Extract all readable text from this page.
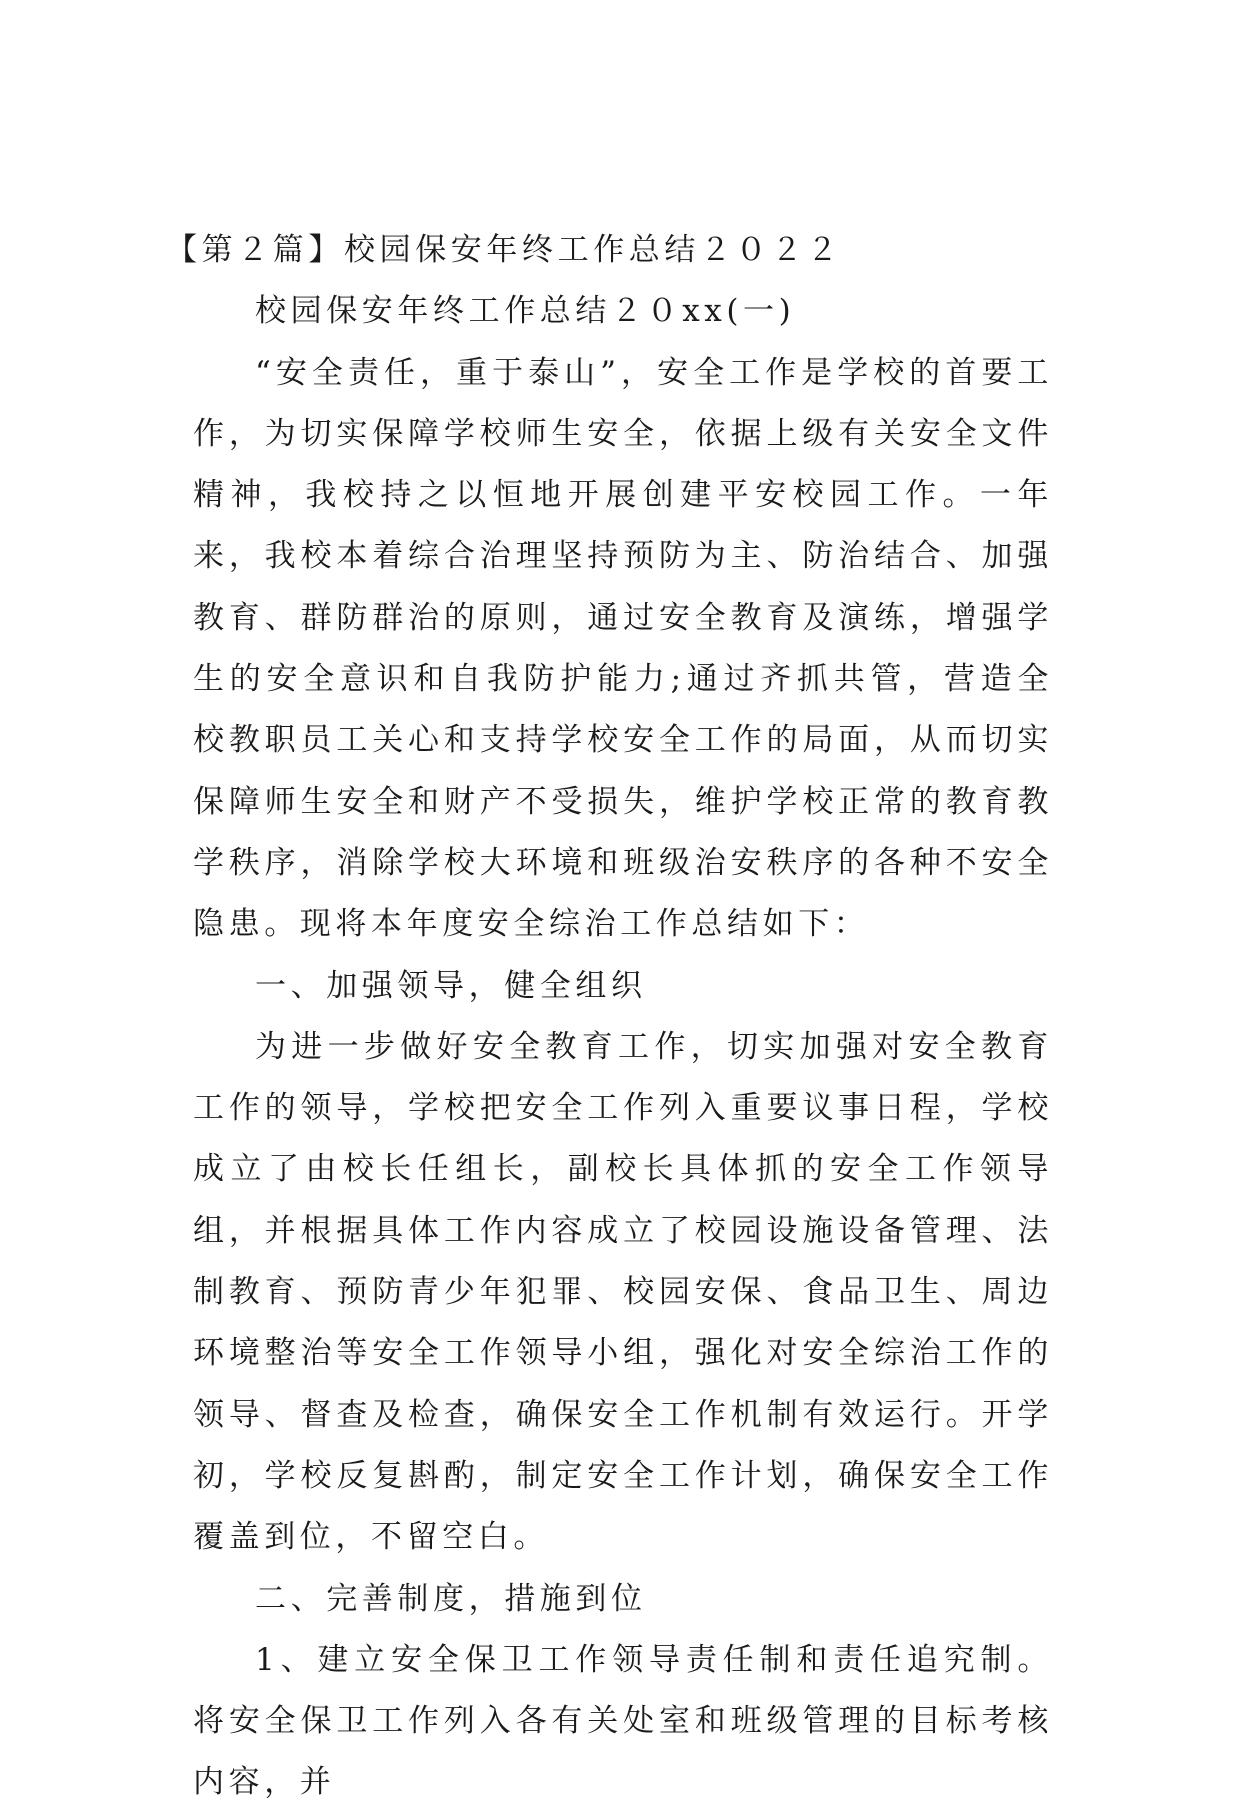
【第２篇】校园保安年终工作总结２０２２

校园保安年终工作总结２０xx(一)

“安全责任，重于泰山”，安全工作是学校的首要工作，为切实保障学校师生安全，依据上级有关安全文件精神，我校持之以恒地开展创建平安校园工作。一年来，我校本着综合治理坚持预防为主、防治结合、加强教育、群防群治的原则，通过安全教育及演练，增强学生的安全意识和自我防护能力;通过齐抓共管，营造全校教职员工关心和支持学校安全工作的局面，从而切实保障师生安全和财产不受损失，维护学校正常的教育教学秩序，消除学校大环境和班级治安秩序的各种不安全隐患。现将本年度安全综治工作总结如下：

一、加强领导，健全组织

为进一步做好安全教育工作，切实加强对安全教育工作的领导，学校把安全工作列入重要议事日程，学校成立了由校长任组长，副校长具体抓的安全工作领导组，并根据具体工作内容成立了校园设施设备管理、法制教育、预防青少年犯罪、校园安保、食品卫生、周边环境整治等安全工作领导小组，强化对安全综治工作的领导、督查及检查，确保安全工作机制有效运行。开学初，学校反复斟酌，制定安全工作计划，确保安全工作覆盖到位，不留空白。

二、完善制度，措施到位

1、建立安全保卫工作领导责任制和责任追究制。将安全保卫工作列入各有关处室和班级管理的目标考核内容，并
